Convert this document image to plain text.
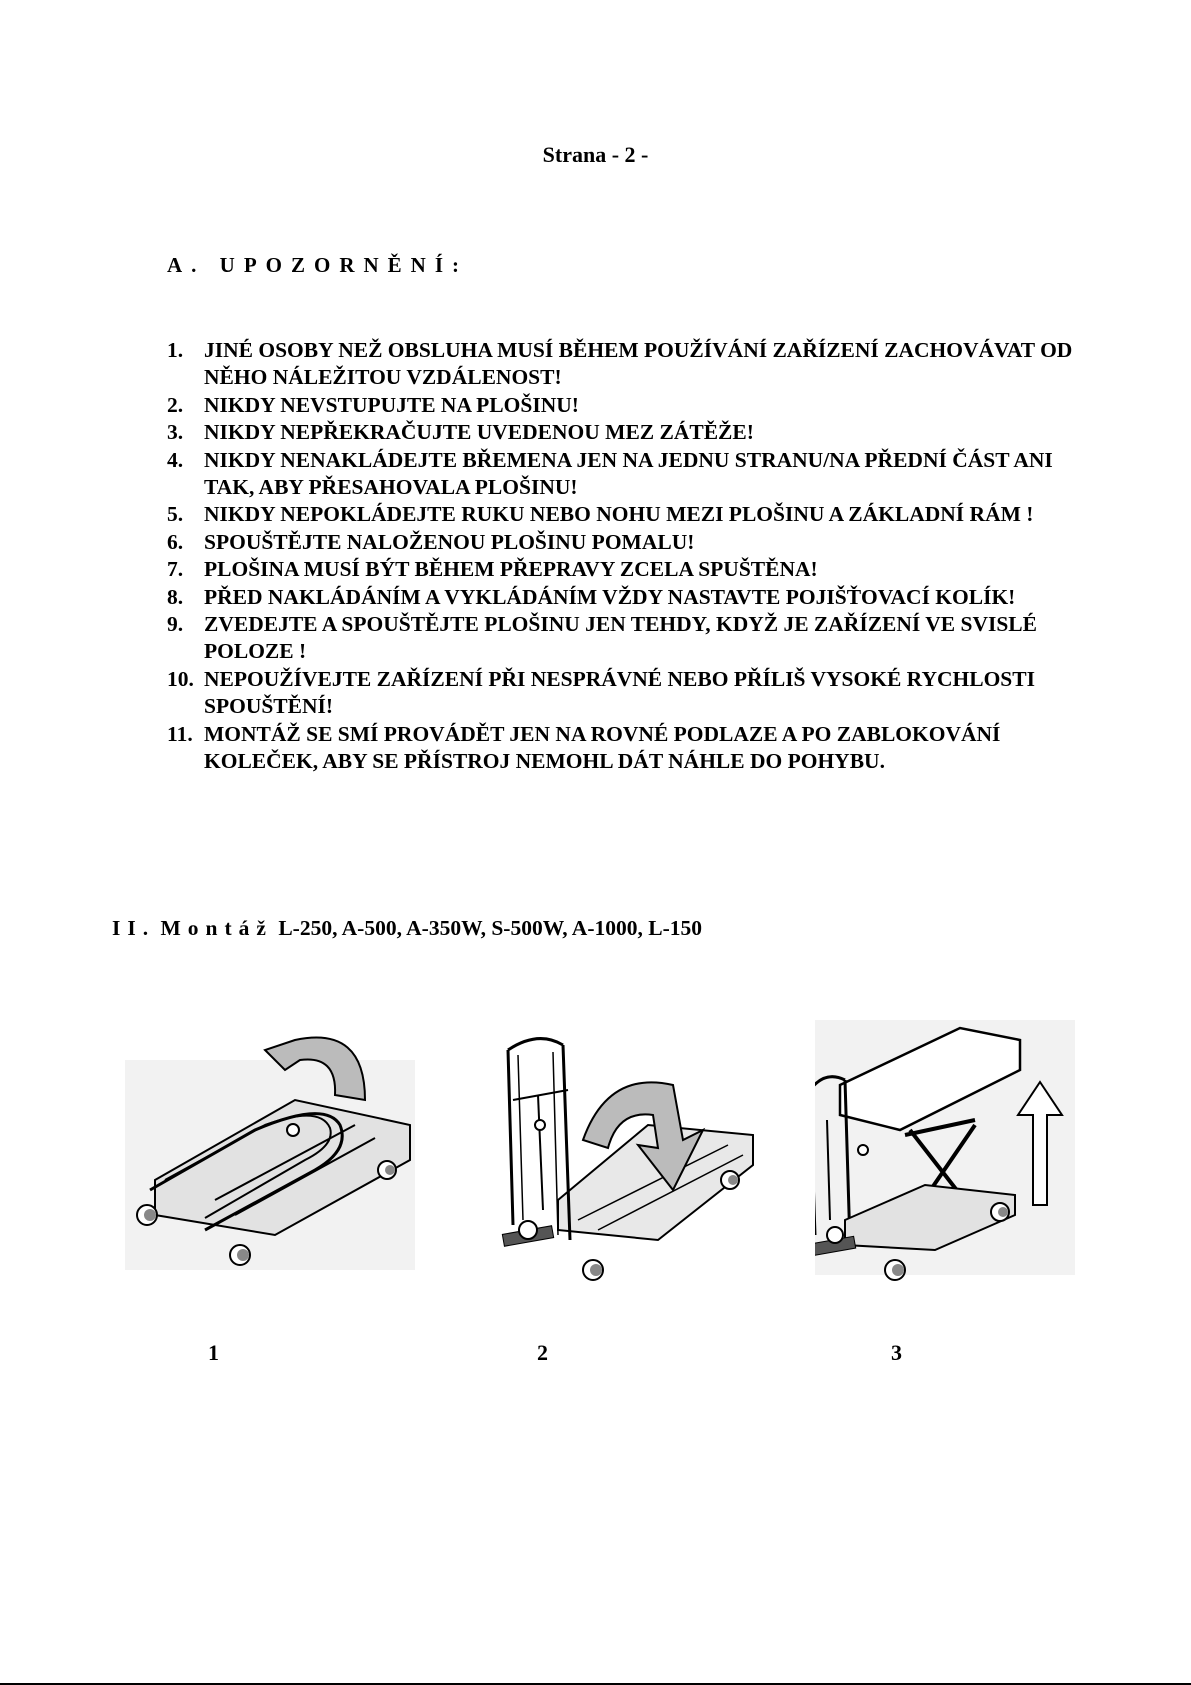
Strana - 2 -
A. UPOZORNĚNÍ:
1. JINÉ OSOBY NEŽ OBSLUHA MUSÍ BĚHEM POUŽÍVÁNÍ ZAŘÍZENÍ ZACHOVÁVAT OD NĚHO NÁLEŽITOU VZDÁLENOST!
2. NIKDY NEVSTUPUJTE NA PLOŠINU!
3. NIKDY NEPŘEKRAČUJTE UVEDENOU MEZ ZÁTĚŽE!
4. NIKDY NENAKLÁDEJTE BŘEMENA JEN NA JEDNU STRANU/NA PŘEDNÍ ČÁST ANI TAK, ABY PŘESAHOVALA PLOŠINU!
5. NIKDY NEPOKLÁDEJTE RUKU NEBO NOHU MEZI PLOŠINU A ZÁKLADNÍ RÁM !
6. SPOUŠTĚJTE NALOŽENOU PLOŠINU POMALU!
7. PLOŠINA MUSÍ BÝT BĚHEM PŘEPRAVY ZCELA SPUŠTĚNA!
8. PŘED NAKLÁDÁNÍM A VYKLÁDÁNÍM VŽDY NASTAVTE POJIŠŤOVACÍ KOLÍK!
9. ZVEDEJTE A SPOUŠTĚJTE PLOŠINU JEN TEHDY, KDYŽ JE ZAŘÍZENÍ VE SVISLÉ POLOZE !
10. NEPOUŽÍVEJTE ZAŘÍZENÍ PŘI NESPRÁVNÉ NEBO PŘÍLIŠ VYSOKÉ RYCHLOSTI SPOUŠTĚNÍ!
11. MONTÁŽ SE SMÍ PROVÁDĚT JEN NA ROVNÉ PODLAZE A PO ZABLOKOVÁNÍ KOLEČEK, ABY SE PŘÍSTROJ NEMOHL DÁT NÁHLE DO POHYBU.
II. Montáž L-250, A-500, A-350W, S-500W, A-1000, L-150
1	2	3
